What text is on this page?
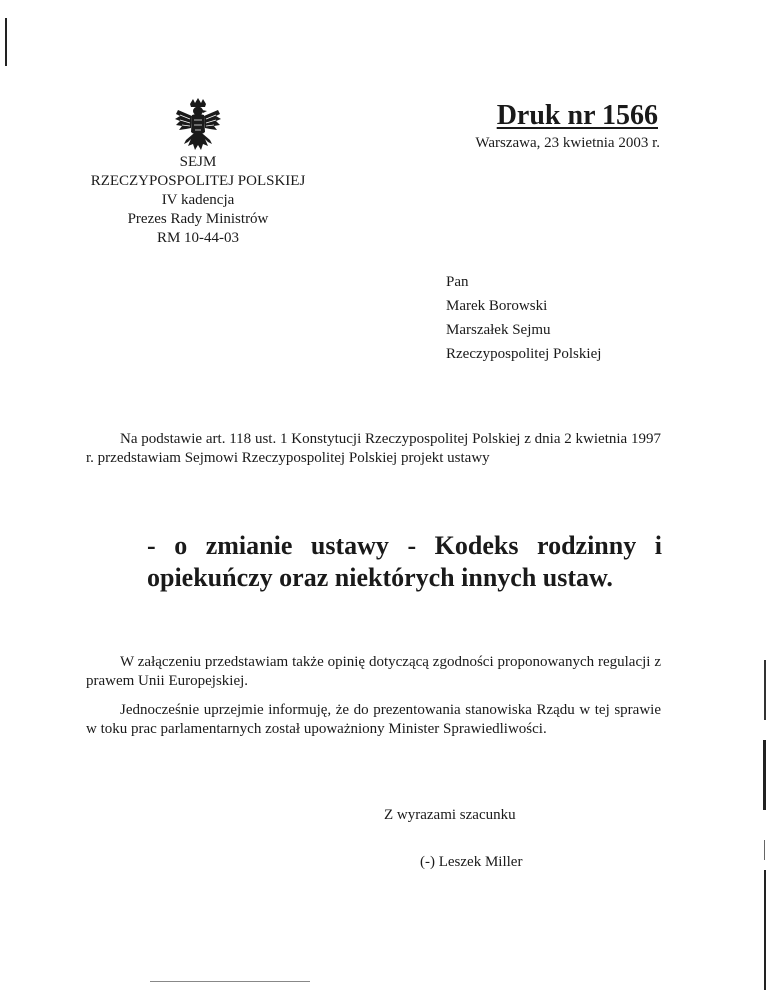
SEJM
RZECZYPOSPOLITEJ POLSKIEJ
IV kadencja
Prezes Rady Ministrów
RM 10-44-03
Druk nr 1566
Warszawa, 23 kwietnia 2003 r.
Pan
Marek Borowski
Marszałek Sejmu
Rzeczypospolitej Polskiej
Na podstawie art. 118 ust. 1 Konstytucji Rzeczypospolitej Polskiej z dnia 2 kwietnia 1997 r. przedstawiam Sejmowi Rzeczypospolitej Polskiej projekt ustawy
- o zmianie ustawy - Kodeks rodzinny i opiekuńczy oraz niektórych innych ustaw.
W załączeniu przedstawiam także opinię dotyczącą zgodności proponowanych regulacji z prawem Unii Europejskiej.
Jednocześnie uprzejmie informuję, że do prezentowania stanowiska Rządu w tej sprawie w toku prac parlamentarnych został upoważniony Minister Sprawiedliwości.
Z wyrazami szacunku
(-) Leszek Miller
